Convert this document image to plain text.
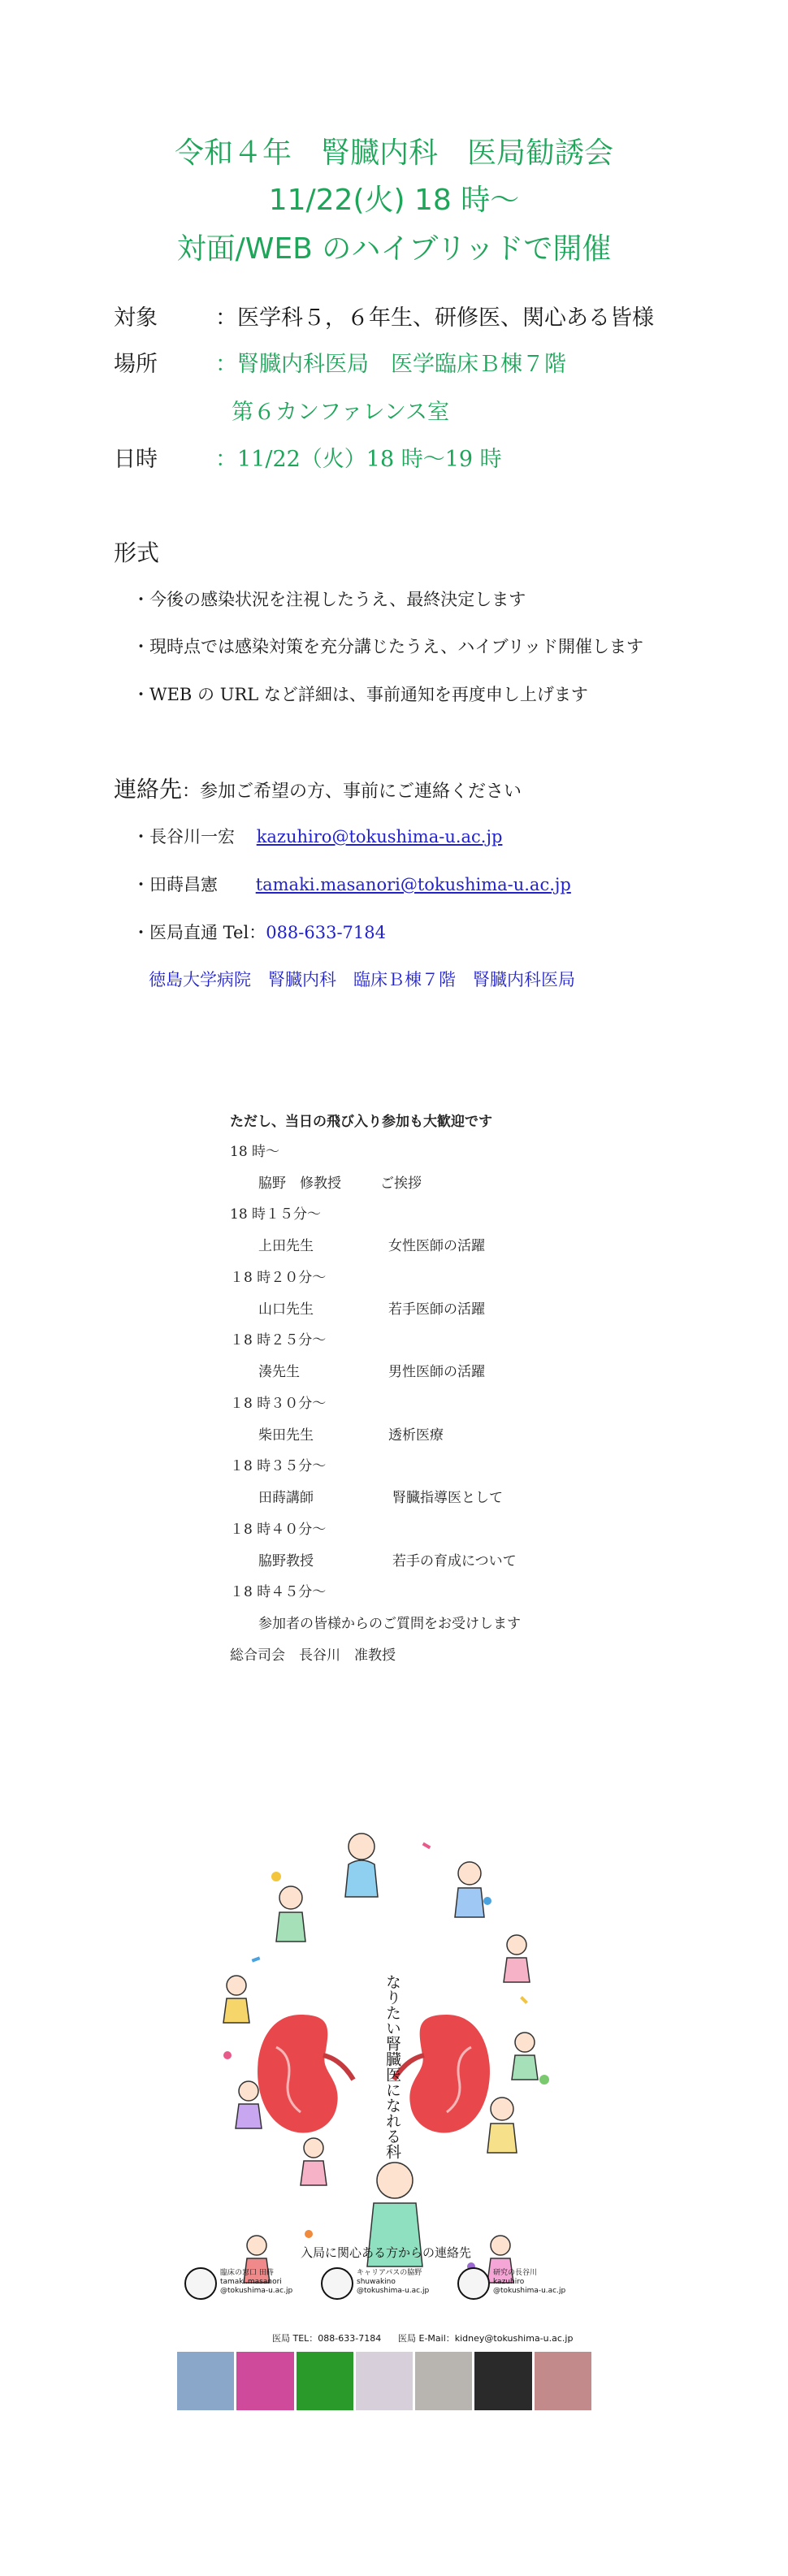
令和４年　腎臓内科　医局勧誘会
11/22(火) 18 時～
対面/WEB のハイブリッドで開催
対象	：医学科５，６年生、研修医、関心ある皆様
場所	：腎臓内科医局　医学臨床Ｂ棟７階
第６カンファレンス室
日時	：11/22（火）18 時～19 時
形式
・今後の感染状況を注視したうえ、最終決定します
・現時点では感染対策を充分講じたうえ、ハイブリッド開催します
・WEB の URL など詳細は、事前通知を再度申し上げます
連絡先：参加ご希望の方、事前にご連絡ください
・長谷川一宏 kazuhiro@tokushima-u.ac.jp
・田蒔昌憲 tamaki.masanori@tokushima-u.ac.jp
・医局直通 Tel：088-633-7184
徳島大学病院　腎臓内科　臨床Ｂ棟７階　腎臓内科医局
ただし、当日の飛び入り参加も大歓迎です
18 時～
脇野　修教授	ご挨拶
18 時１５分～
上田先生	女性医師の活躍
１8 時２０分～
山口先生	若手医師の活躍
１8 時２５分～
湊先生	男性医師の活躍
１8 時３０分～
柴田先生	透析医療
１8 時３５分～
田蒔講師	腎臓指導医として
１8 時４０分～
脇野教授	若手の育成について
１8 時４５分～
参加者の皆様からのご質問をお受けします
総合司会　長谷川　准教授
なりたい腎臓医になれる科
入局に関心ある方からの連絡先
臨床の窓口 田蒔
tamaki.masanori
@tokushima-u.ac.jp
キャリアパスの脇野
shuwakino
@tokushima-u.ac.jp
研究の長谷川
kazuhiro
@tokushima-u.ac.jp
医局 TEL：088-633-7184 医局 E-Mail：kidney@tokushima-u.ac.jp
